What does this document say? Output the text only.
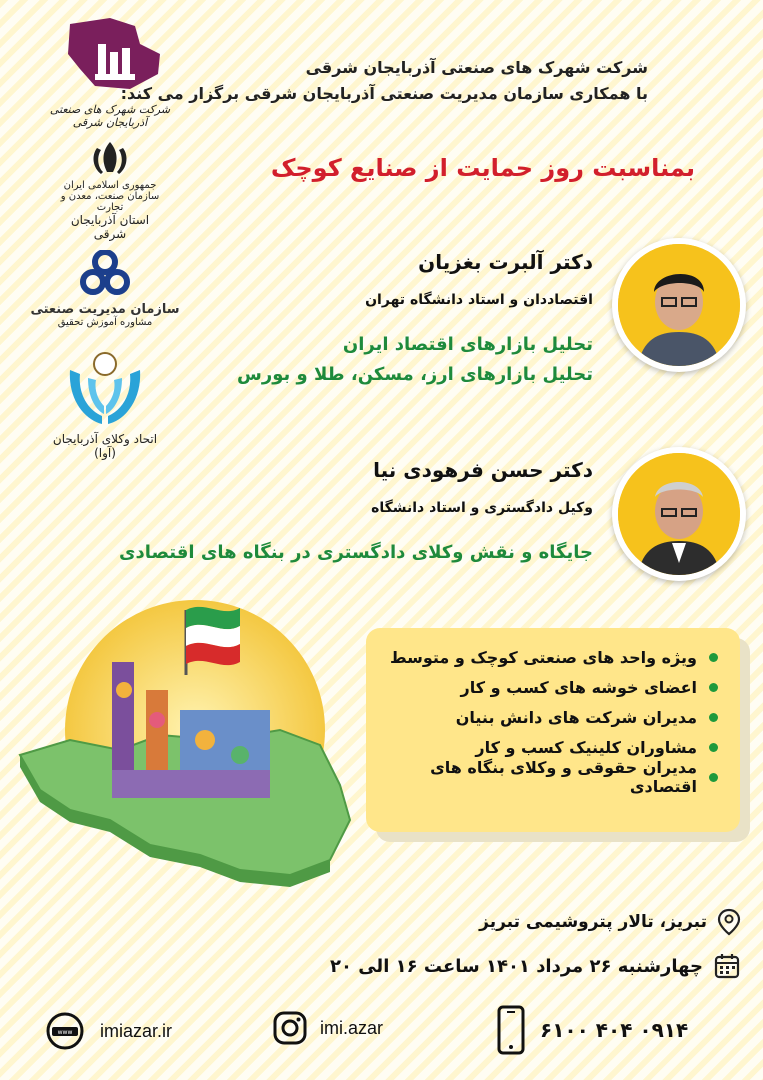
شرکت شهرک های صنعتی آذربایجان شرقی
جمهوری اسلامی ایران
سازمان صنعت، معدن و تجارت
استان آذربایجان شرقی
سازمان مدیریت صنعتی
مشاوره آموزش تحقیق
اتحاد وکلای آذربایجان
(آوا)
شرکت شهرک های صنعتی آذربایجان شرقی
با همکاری سازمان مدیریت صنعتی آذربایجان شرقی برگزار می کند:
بمناسبت روز حمایت از صنایع کوچک
دکتر آلبرت بغزیان
اقتصاددان و استاد دانشگاه تهران
تحلیل بازارهای اقتصاد ایران
تحلیل بازارهای ارز، مسکن، طلا و بورس
دکتر حسن فرهودی نیا
وکیل دادگستری و استاد دانشگاه
جایگاه و نقش وکلای دادگستری در بنگاه های اقتصادی
ویژه واحد های صنعتی کوچک و متوسط
اعضای خوشه های کسب و کار
مدیران شرکت های دانش بنیان
مشاوران کلینیک کسب و کار
مدیران حقوقی و وکلای بنگاه های اقتصادی
تبریز، تالار پتروشیمی تبریز
چهارشنبه ۲۶ مرداد ۱۴۰۱ ساعت ۱۶ الی ۲۰
www imiazar.ir	imi.azar	۰۹۱۴ ۴۰۴ ۶۱۰۰
